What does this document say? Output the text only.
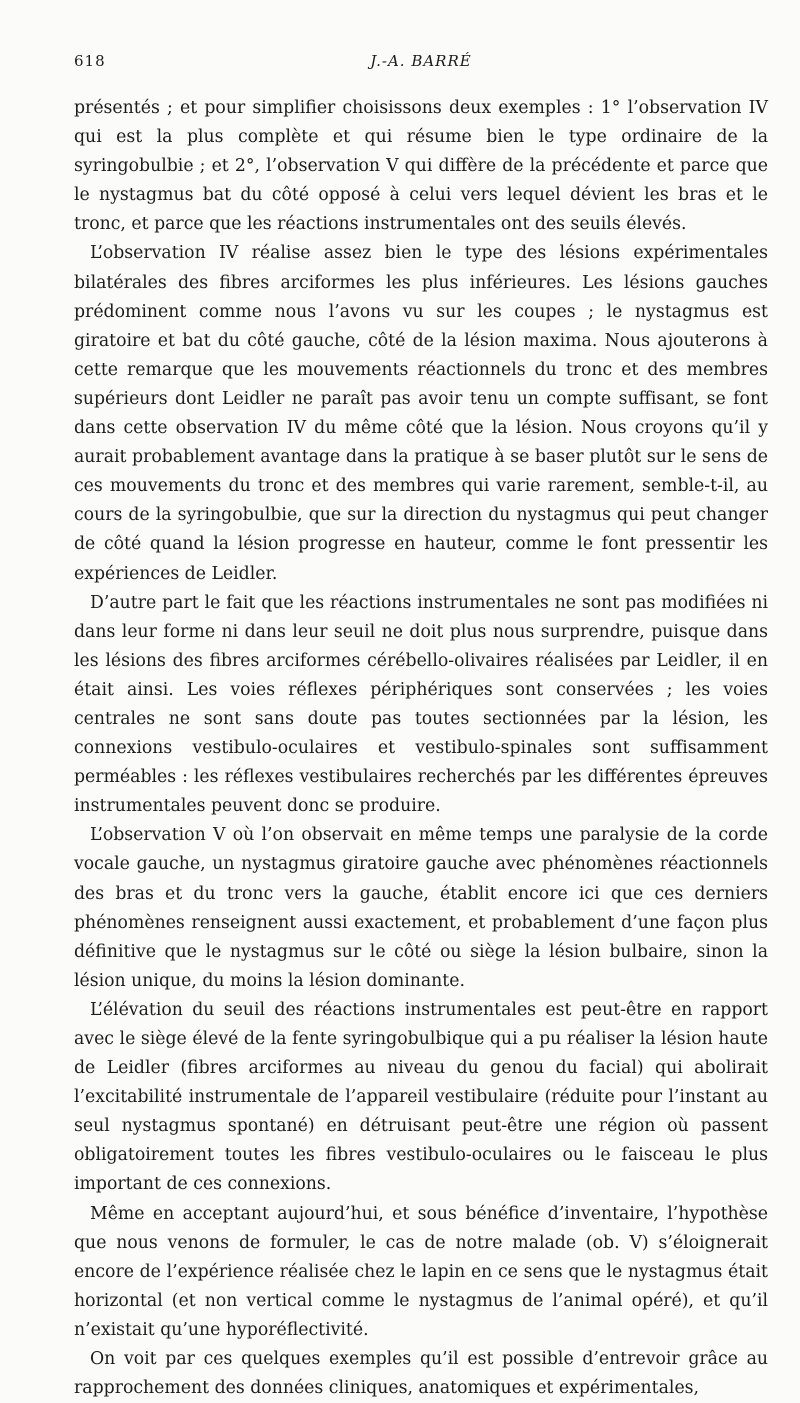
618	J.-A. BARRÉ

présentés ; et pour simplifier choisissons deux exemples : 1° l’observation IV qui est la plus complète et qui résume bien le type ordinaire de la syringobulbie ; et 2°, l’observation V qui diffère de la précédente et parce que le nystagmus bat du côté opposé à celui vers lequel dévient les bras et le tronc, et parce que les réactions instrumentales ont des seuils élevés.

L’observation IV réalise assez bien le type des lésions expérimentales bilatérales des fibres arciformes les plus inférieures. Les lésions gauches prédominent comme nous l’avons vu sur les coupes ; le nystagmus est giratoire et bat du côté gauche, côté de la lésion maxima. Nous ajouterons à cette remarque que les mouvements réactionnels du tronc et des membres supérieurs dont Leidler ne paraît pas avoir tenu un compte suffisant, se font dans cette observation IV du même côté que la lésion. Nous croyons qu’il y aurait probablement avantage dans la pratique à se baser plutôt sur le sens de ces mouvements du tronc et des membres qui varie rarement, semble-t-il, au cours de la syringobulbie, que sur la direction du nystagmus qui peut changer de côté quand la lésion progresse en hauteur, comme le font pressentir les expériences de Leidler.

D’autre part le fait que les réactions instrumentales ne sont pas modifiées ni dans leur forme ni dans leur seuil ne doit plus nous surprendre, puisque dans les lésions des fibres arciformes cérébello-olivaires réalisées par Leidler, il en était ainsi. Les voies réflexes périphériques sont conservées ; les voies centrales ne sont sans doute pas toutes sectionnées par la lésion, les connexions vestibulo-oculaires et vestibulo-spinales sont suffisamment perméables : les réflexes vestibulaires recherchés par les différentes épreuves instrumentales peuvent donc se produire.

L’observation V où l’on observait en même temps une paralysie de la corde vocale gauche, un nystagmus giratoire gauche avec phénomènes réactionnels des bras et du tronc vers la gauche, établit encore ici que ces derniers phénomènes renseignent aussi exactement, et probablement d’une façon plus définitive que le nystagmus sur le côté ou siège la lésion bulbaire, sinon la lésion unique, du moins la lésion dominante.

L’élévation du seuil des réactions instrumentales est peut-être en rapport avec le siège élevé de la fente syringobulbique qui a pu réaliser la lésion haute de Leidler (fibres arciformes au niveau du genou du facial) qui abolirait l’excitabilité instrumentale de l’appareil vestibulaire (réduite pour l’instant au seul nystagmus spontané) en détruisant peut-être une région où passent obligatoirement toutes les fibres vestibulo-oculaires ou le faisceau le plus important de ces connexions.

Même en acceptant aujourd’hui, et sous bénéfice d’inventaire, l’hypothèse que nous venons de formuler, le cas de notre malade (ob. V) s’éloignerait encore de l’expérience réalisée chez le lapin en ce sens que le nystagmus était horizontal (et non vertical comme le nystagmus de l’animal opéré), et qu’il n’existait qu’une hyporéflectivité.

On voit par ces quelques exemples qu’il est possible d’entrevoir grâce au rapprochement des données cliniques, anatomiques et expérimentales,
